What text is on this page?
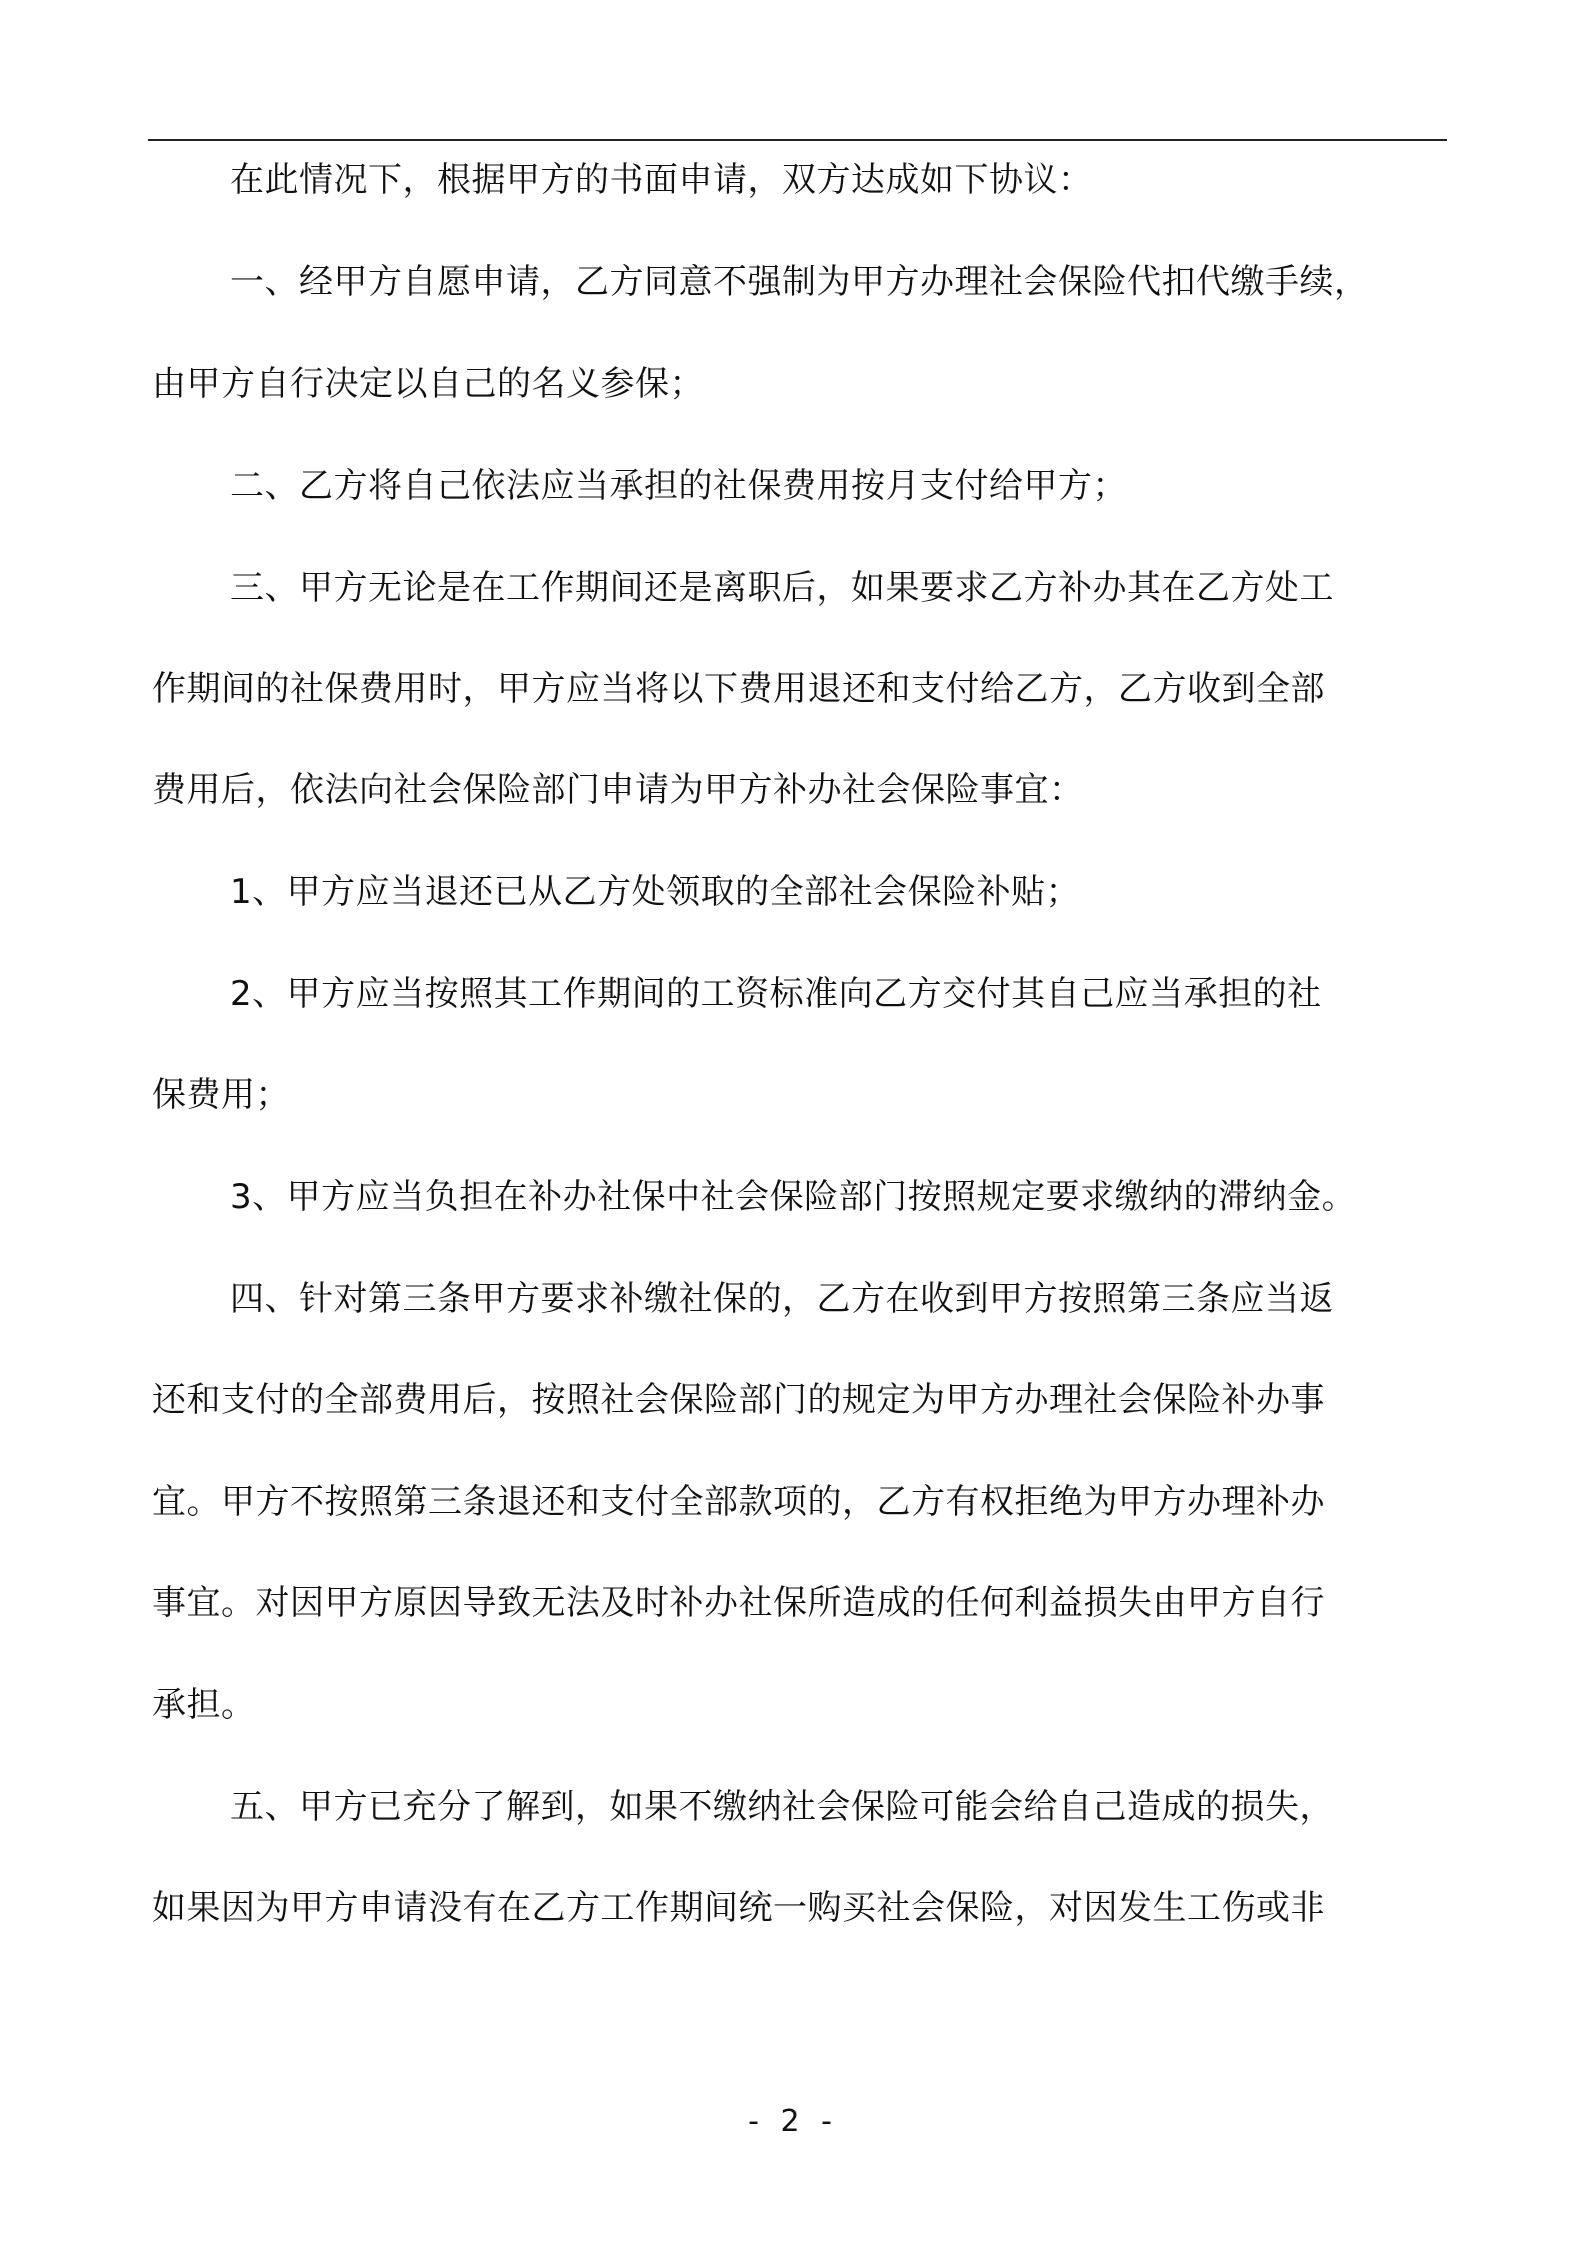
在此情况下，根据甲方的书面申请，双方达成如下协议：
一、经甲方自愿申请，乙方同意不强制为甲方办理社会保险代扣代缴手续，
由甲方自行决定以自己的名义参保；
二、乙方将自己依法应当承担的社保费用按月支付给甲方；
三、甲方无论是在工作期间还是离职后，如果要求乙方补办其在乙方处工
作期间的社保费用时，甲方应当将以下费用退还和支付给乙方，乙方收到全部
费用后，依法向社会保险部门申请为甲方补办社会保险事宜：
1、甲方应当退还已从乙方处领取的全部社会保险补贴；
2、甲方应当按照其工作期间的工资标准向乙方交付其自己应当承担的社
保费用；
3、甲方应当负担在补办社保中社会保险部门按照规定要求缴纳的滞纳金。
四、针对第三条甲方要求补缴社保的，乙方在收到甲方按照第三条应当返
还和支付的全部费用后，按照社会保险部门的规定为甲方办理社会保险补办事
宜。甲方不按照第三条退还和支付全部款项的，乙方有权拒绝为甲方办理补办
事宜。对因甲方原因导致无法及时补办社保所造成的任何利益损失由甲方自行
承担。
五、甲方已充分了解到，如果不缴纳社会保险可能会给自己造成的损失，
如果因为甲方申请没有在乙方工作期间统一购买社会保险，对因发生工伤或非
- 2 -
